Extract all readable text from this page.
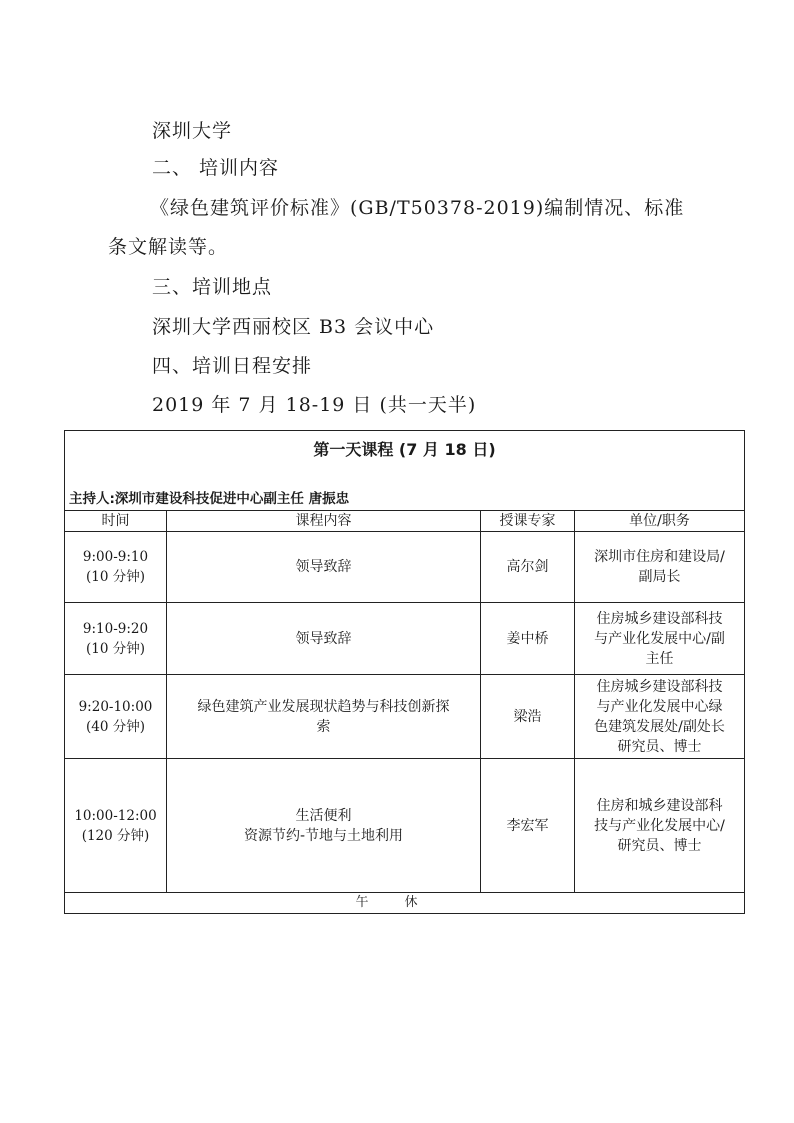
深圳大学
二、 培训内容
《绿色建筑评价标准》(GB/T50378-2019)编制情况、标准
条文解读等。
三、培训地点
深圳大学西丽校区 B3 会议中心
四、培训日程安排
2019 年 7 月 18-19 日 (共一天半)
第一天课程 (7 月 18 日)			
主持人:深圳市建设科技促进中心副主任 唐振忠			
时间	课程内容	授课专家	单位/职务
9:00-9:10
(10 分钟)	领导致辞	高尔剑	深圳市住房和建设局/
副局长
9:10-9:20
(10 分钟)	领导致辞	姜中桥	住房城乡建设部科技
与产业化发展中心/副
主任
9:20-10:00
(40 分钟)	绿色建筑产业发展现状趋势与科技创新探
索	梁浩	住房城乡建设部科技
与产业化发展中心绿
色建筑发展处/副处长
研究员、博士
10:00-12:00
(120 分钟)	生活便利
资源节约-节地与土地利用	李宏军	住房和城乡建设部科
技与产业化发展中心/
研究员、博士
午休			
